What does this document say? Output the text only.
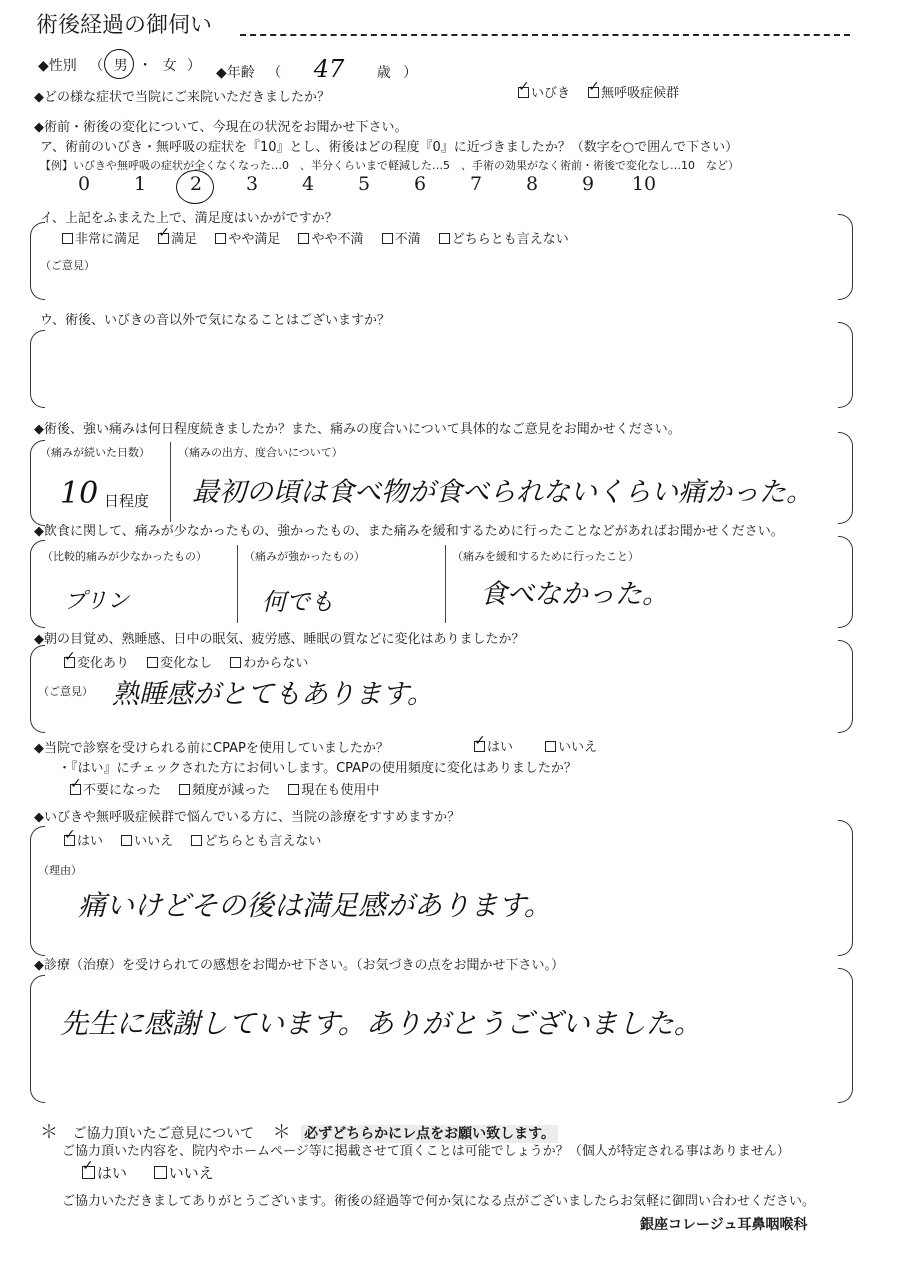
術後経過の御伺い
◆性別 （ 男 ・ 女 ） ◆年齢 （ 47 歳 ）
◆どの様な症状で当院にご来院いただきましたか？ ✓	いびき ✓ 無呼吸症候群
◆術前・術後の変化について、今現在の状況をお聞かせ下さい。
ア、術前のいびき・無呼吸の症状を『10』とし、術後はどの程度『0』に近づきましたか？（数字を○で囲んで下さい）
【例】いびきや無呼吸の症状が全くなくなった…0　、半分くらいまで軽減した…5　、手術の効果がなく術前・術後で変化なし…10　など）
0 1 2 3 4 5 6 7 8 9 10
イ、上記をふまえた上で、満足度はいかがですか？
非常に満足 ✓ 満足 やや満足 やや不満 不満 どちらとも言えない
（ご意見）
ウ、術後、いびきの音以外で気になることはございますか？
◆術後、強い痛みは何日程度続きましたか？また、痛みの度合いについて具体的なご意見をお聞かせください。
（痛みが続いた日数）	（痛みの出方、度合いについて）
10 日程度 最初の頃は食べ物が食べられないくらい痛かった。
◆飲食に関して、痛みが少なかったもの、強かったもの、また痛みを緩和するために行ったことなどがあればお聞かせください。
（比較的痛みが少なかったもの）	（痛みが強かったもの）	（痛みを緩和するために行ったこと）
プリン	何でも	食べなかった。
◆朝の目覚め、熟睡感、日中の眠気、疲労感、睡眠の質などに変化はありましたか？
✓変化あり 変化なし わからない
（ご意見） 熟睡感がとてもあります。
◆当院で診察を受けられる前にCPAPを使用していましたか？ ✓	はい	いいえ
・『はい』にチェックされた方にお伺いします。CPAPの使用頻度に変化はありましたか？
✓不要になった 頻度が減った 現在も使用中
◆いびきや無呼吸症候群で悩んでいる方に、当院の診療をすすめますか？
✓はい いいえ どちらとも言えない
（理由）
痛いけどその後は満足感があります。
◆診療（治療）を受けられての感想をお聞かせ下さい。（お気づきの点をお聞かせ下さい。）
先生に感謝しています。ありがとうございました。
＊ ご協力頂いたご意見について ＊ 必ずどちらかにレ点をお願い致します。
ご協力頂いた内容を、院内やホームページ等に掲載させて頂くことは可能でしょうか？（個人が特定される事はありません）
✓はい	いいえ
ご協力いただきましてありがとうございます。術後の経過等で何か気になる点がございましたらお気軽に御問い合わせください。
銀座コレージュ耳鼻咽喉科
